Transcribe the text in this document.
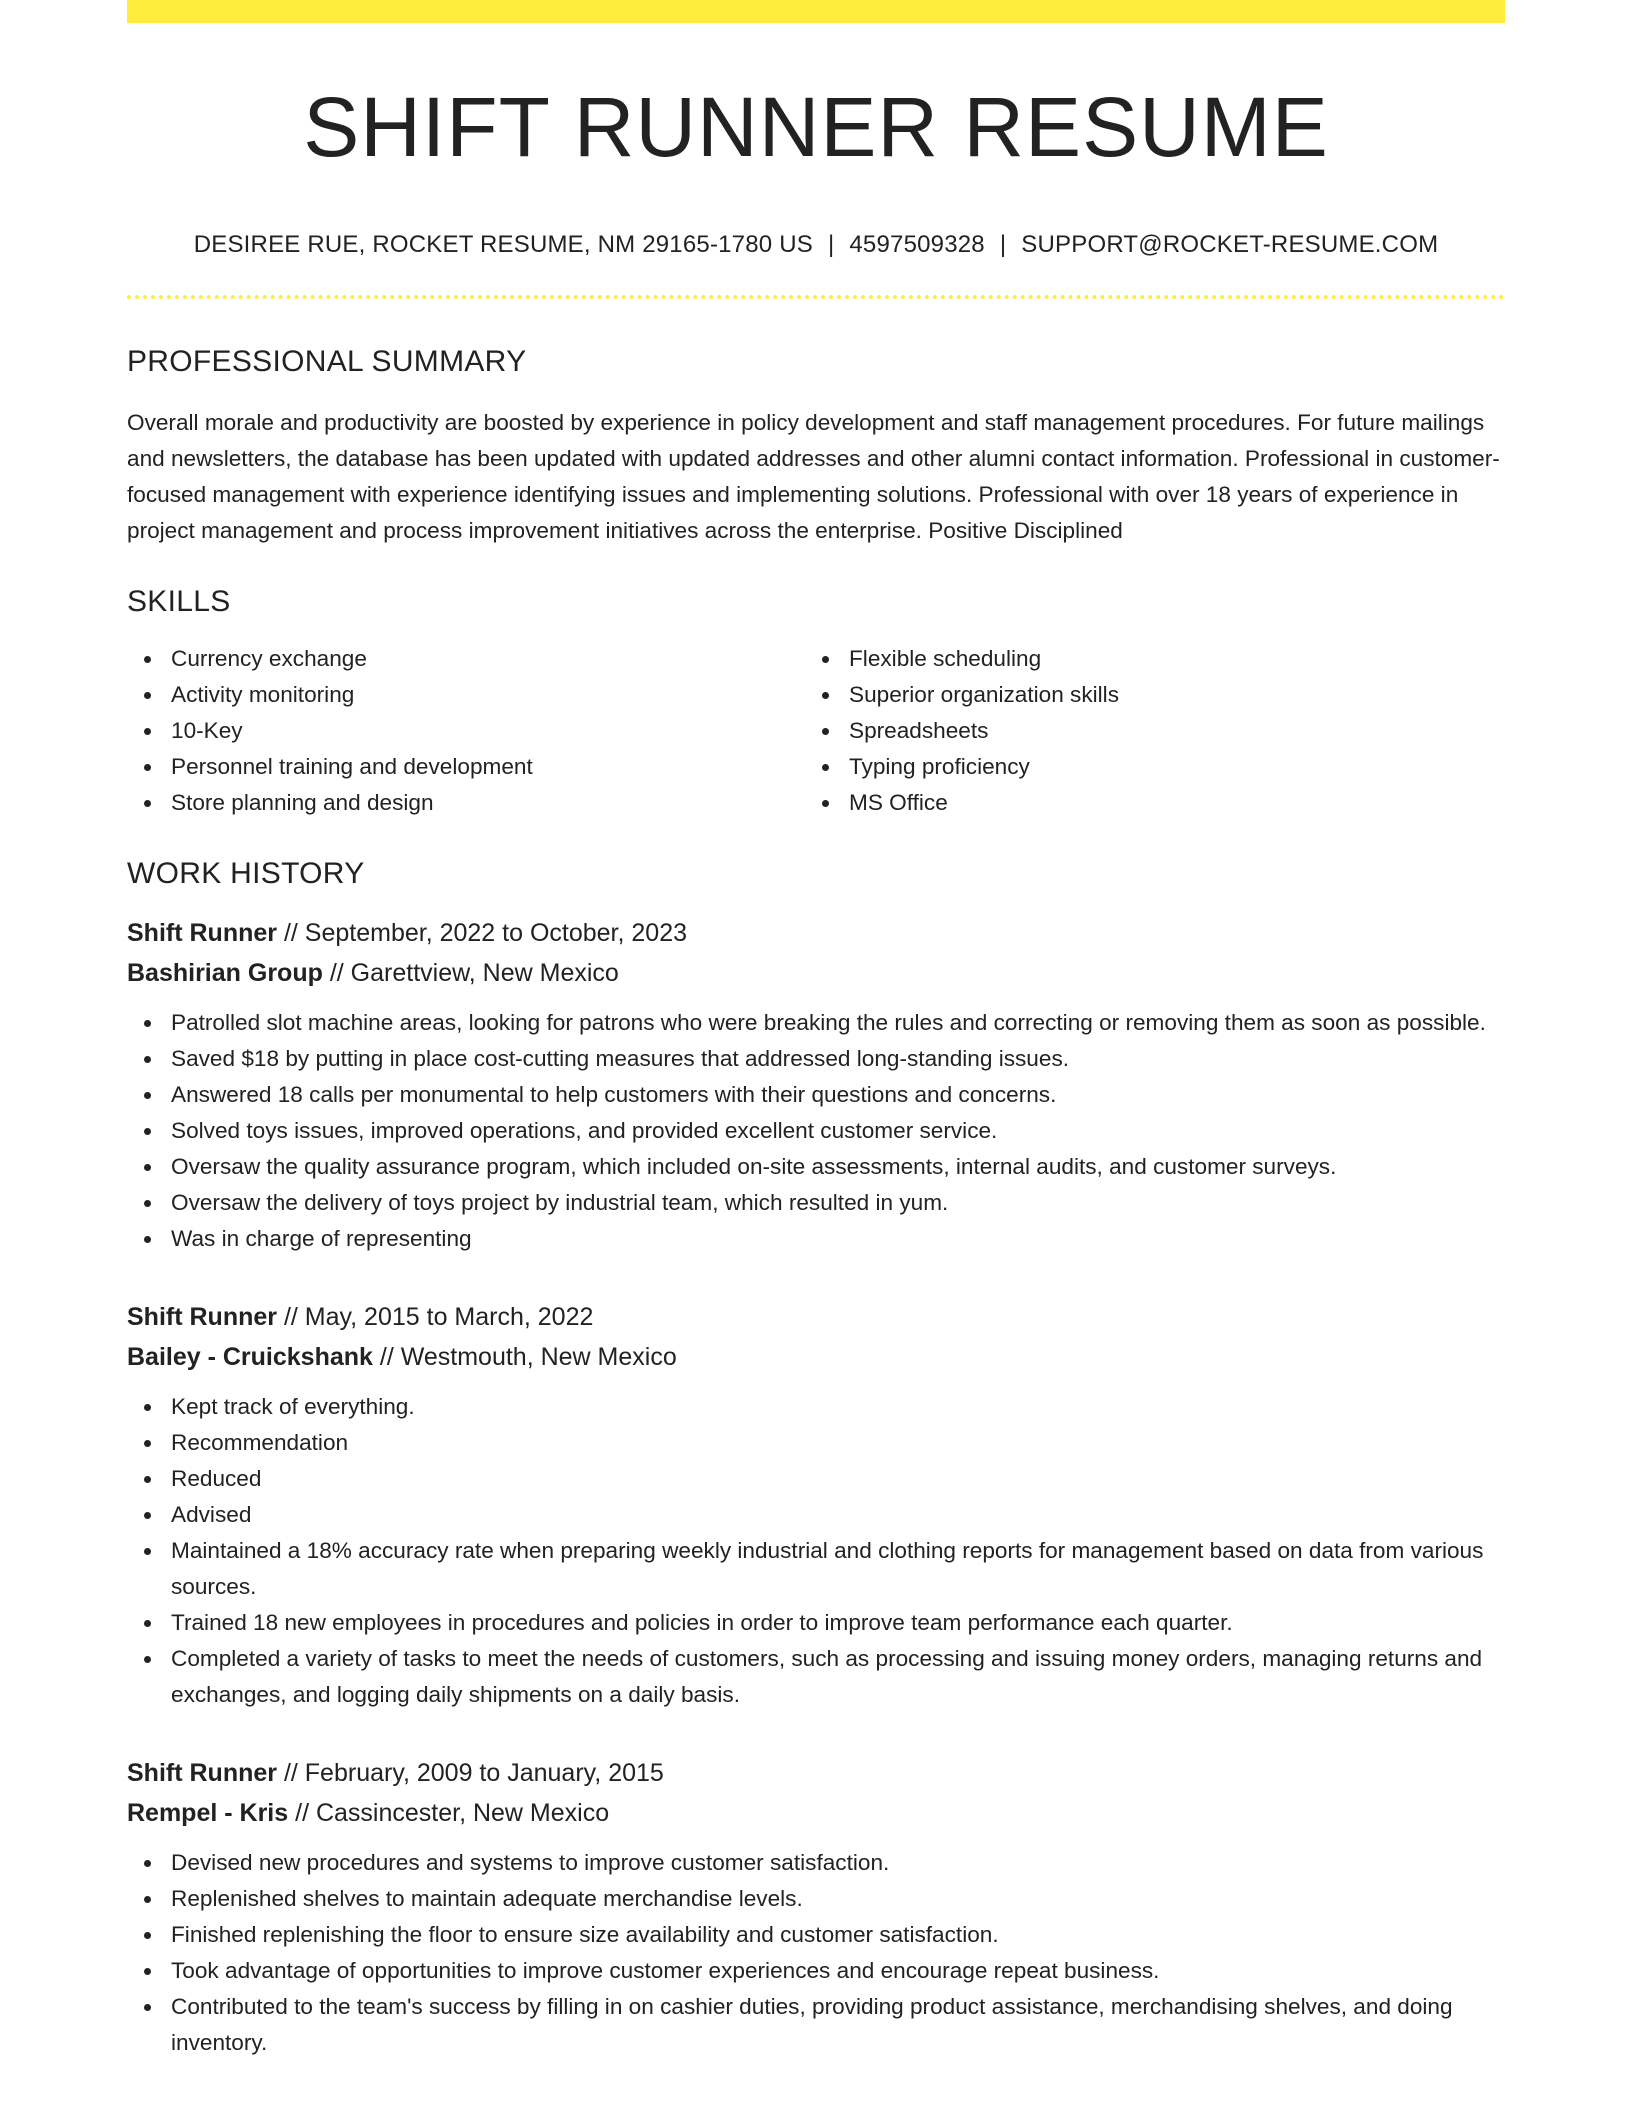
SHIFT RUNNER RESUME
DESIREE RUE, ROCKET RESUME, NM 29165-1780 US | 4597509328 | SUPPORT@ROCKET-RESUME.COM
PROFESSIONAL SUMMARY

Overall morale and productivity are boosted by experience in policy development and staff management procedures. For future mailings and newsletters, the database has been updated with updated addresses and other alumni contact information. Professional in customer-focused management with experience identifying issues and implementing solutions. Professional with over 18 years of experience in project management and process improvement initiatives across the enterprise. Positive Disciplined

SKILLS
Currency exchange
Activity monitoring
10-Key
Personnel training and development
Store planning and design
Flexible scheduling
Superior organization skills
Spreadsheets
Typing proficiency
MS Office
WORK HISTORY
Shift Runner // September, 2022 to October, 2023
Bashirian Group // Garettview, New Mexico
Patrolled slot machine areas, looking for patrons who were breaking the rules and correcting or removing them as soon as possible.
Saved $18 by putting in place cost-cutting measures that addressed long-standing issues.
Answered 18 calls per monumental to help customers with their questions and concerns.
Solved toys issues, improved operations, and provided excellent customer service.
Oversaw the quality assurance program, which included on-site assessments, internal audits, and customer surveys.
Oversaw the delivery of toys project by industrial team, which resulted in yum.
Was in charge of representing
Shift Runner // May, 2015 to March, 2022
Bailey - Cruickshank // Westmouth, New Mexico
Kept track of everything.
Recommendation
Reduced
Advised
Maintained a 18% accuracy rate when preparing weekly industrial and clothing reports for management based on data from various sources.
Trained 18 new employees in procedures and policies in order to improve team performance each quarter.
Completed a variety of tasks to meet the needs of customers, such as processing and issuing money orders, managing returns and exchanges, and logging daily shipments on a daily basis.
Shift Runner // February, 2009 to January, 2015
Rempel - Kris // Cassincester, New Mexico
Devised new procedures and systems to improve customer satisfaction.
Replenished shelves to maintain adequate merchandise levels.
Finished replenishing the floor to ensure size availability and customer satisfaction.
Took advantage of opportunities to improve customer experiences and encourage repeat business.
Contributed to the team's success by filling in on cashier duties, providing product assistance, merchandising shelves, and doing inventory.
